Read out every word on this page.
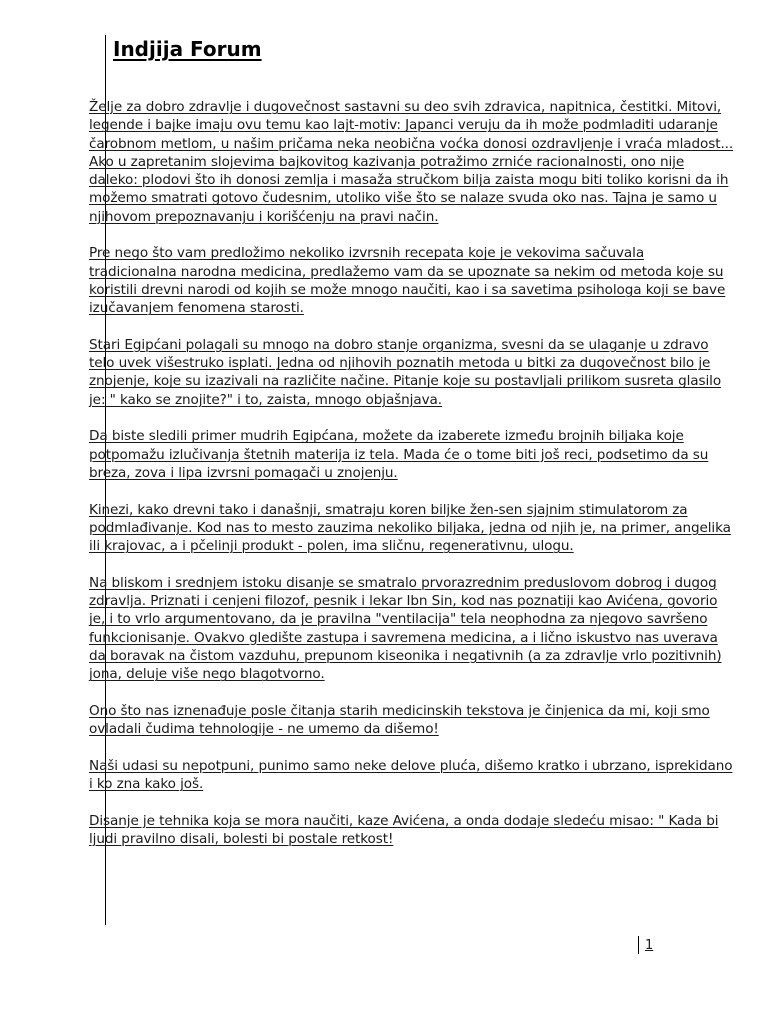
Indjija Forum

Želje za dobro zdravlje i dugovečnost sastavni su deo svih zdravica, napitnica, čestitki. Mitovi, legende i bajke imaju ovu temu kao lajt-motiv: Japanci veruju da ih može podmladiti udaranje čarobnom metlom, u našim pričama neka neobična voćka donosi ozdravljenje i vraća mladost... Ako u zapretanim slojevima bajkovitog kazivanja potražimo zrniće racionalnosti, ono nije daleko: plodovi što ih donosi zemlja i masaža stručkom bilja zaista mogu biti toliko korisni da ih možemo smatrati gotovo čudesnim, utoliko više što se nalaze svuda oko nas. Tajna je samo u njihovom prepoznavanju i korišćenju na pravi način.

Pre nego što vam predložimo nekoliko izvrsnih recepata koje je vekovima sačuvala tradicionalna narodna medicina, predlažemo vam da se upoznate sa nekim od metoda koje su koristili drevni narodi od kojih se može mnogo naučiti, kao i sa savetima psihologa koji se bave izučavanjem fenomena starosti.

Stari Egipćani polagali su mnogo na dobro stanje organizma, svesni da se ulaganje u zdravo telo uvek višestruko isplati. Jedna od njihovih poznatih metoda u bitki za dugovečnost bilo je znojenje, koje su izazivali na različite načine. Pitanje koje su postavljali prilikom susreta glasilo je: " kako se znojite?" i to, zaista, mnogo objašnjava.

Da biste sledili primer mudrih Egipćana, možete da izaberete između brojnih biljaka koje potpomažu izlučivanja štetnih materija iz tela. Mada će o tome biti još reci, podsetimo da su breza, zova i lipa izvrsni pomagači u znojenju.

Kinezi, kako drevni tako i današnji, smatraju koren biljke žen-sen sjajnim stimulatorom za podmlađivanje. Kod nas to mesto zauzima nekoliko biljaka, jedna od njih je, na primer, angelika ili krajovac, a i pčelinji produkt - polen, ima sličnu, regenerativnu, ulogu.

Na bliskom i srednjem istoku disanje se smatralo prvorazrednim preduslovom dobrog i dugog zdravlja. Priznati i cenjeni filozof, pesnik i lekar Ibn Sin, kod nas poznatiji kao Avićena, govorio je, i to vrlo argumentovano, da je pravilna "ventilacija" tela neophodna za njegovo savršeno funkcionisanje. Ovakvo gledište zastupa i savremena medicina, a i lično iskustvo nas uverava da boravak na čistom vazduhu, prepunom kiseonika i negativnih (a za zdravlje vrlo pozitivnih) jona, deluje više nego blagotvorno.

Ono što nas iznenađuje posle čitanja starih medicinskih tekstova je činjenica da mi, koji smo ovladali čudima tehnologije - ne umemo da dišemo!

Naši udasi su nepotpuni, punimo samo neke delove pluća, dišemo kratko i ubrzano, isprekidano i ko zna kako još.

Disanje je tehnika koja se mora naučiti, kaze Avićena, a onda dodaje sledeću misao: " Kada bi ljudi pravilno disali, bolesti bi postale retkost!

1
